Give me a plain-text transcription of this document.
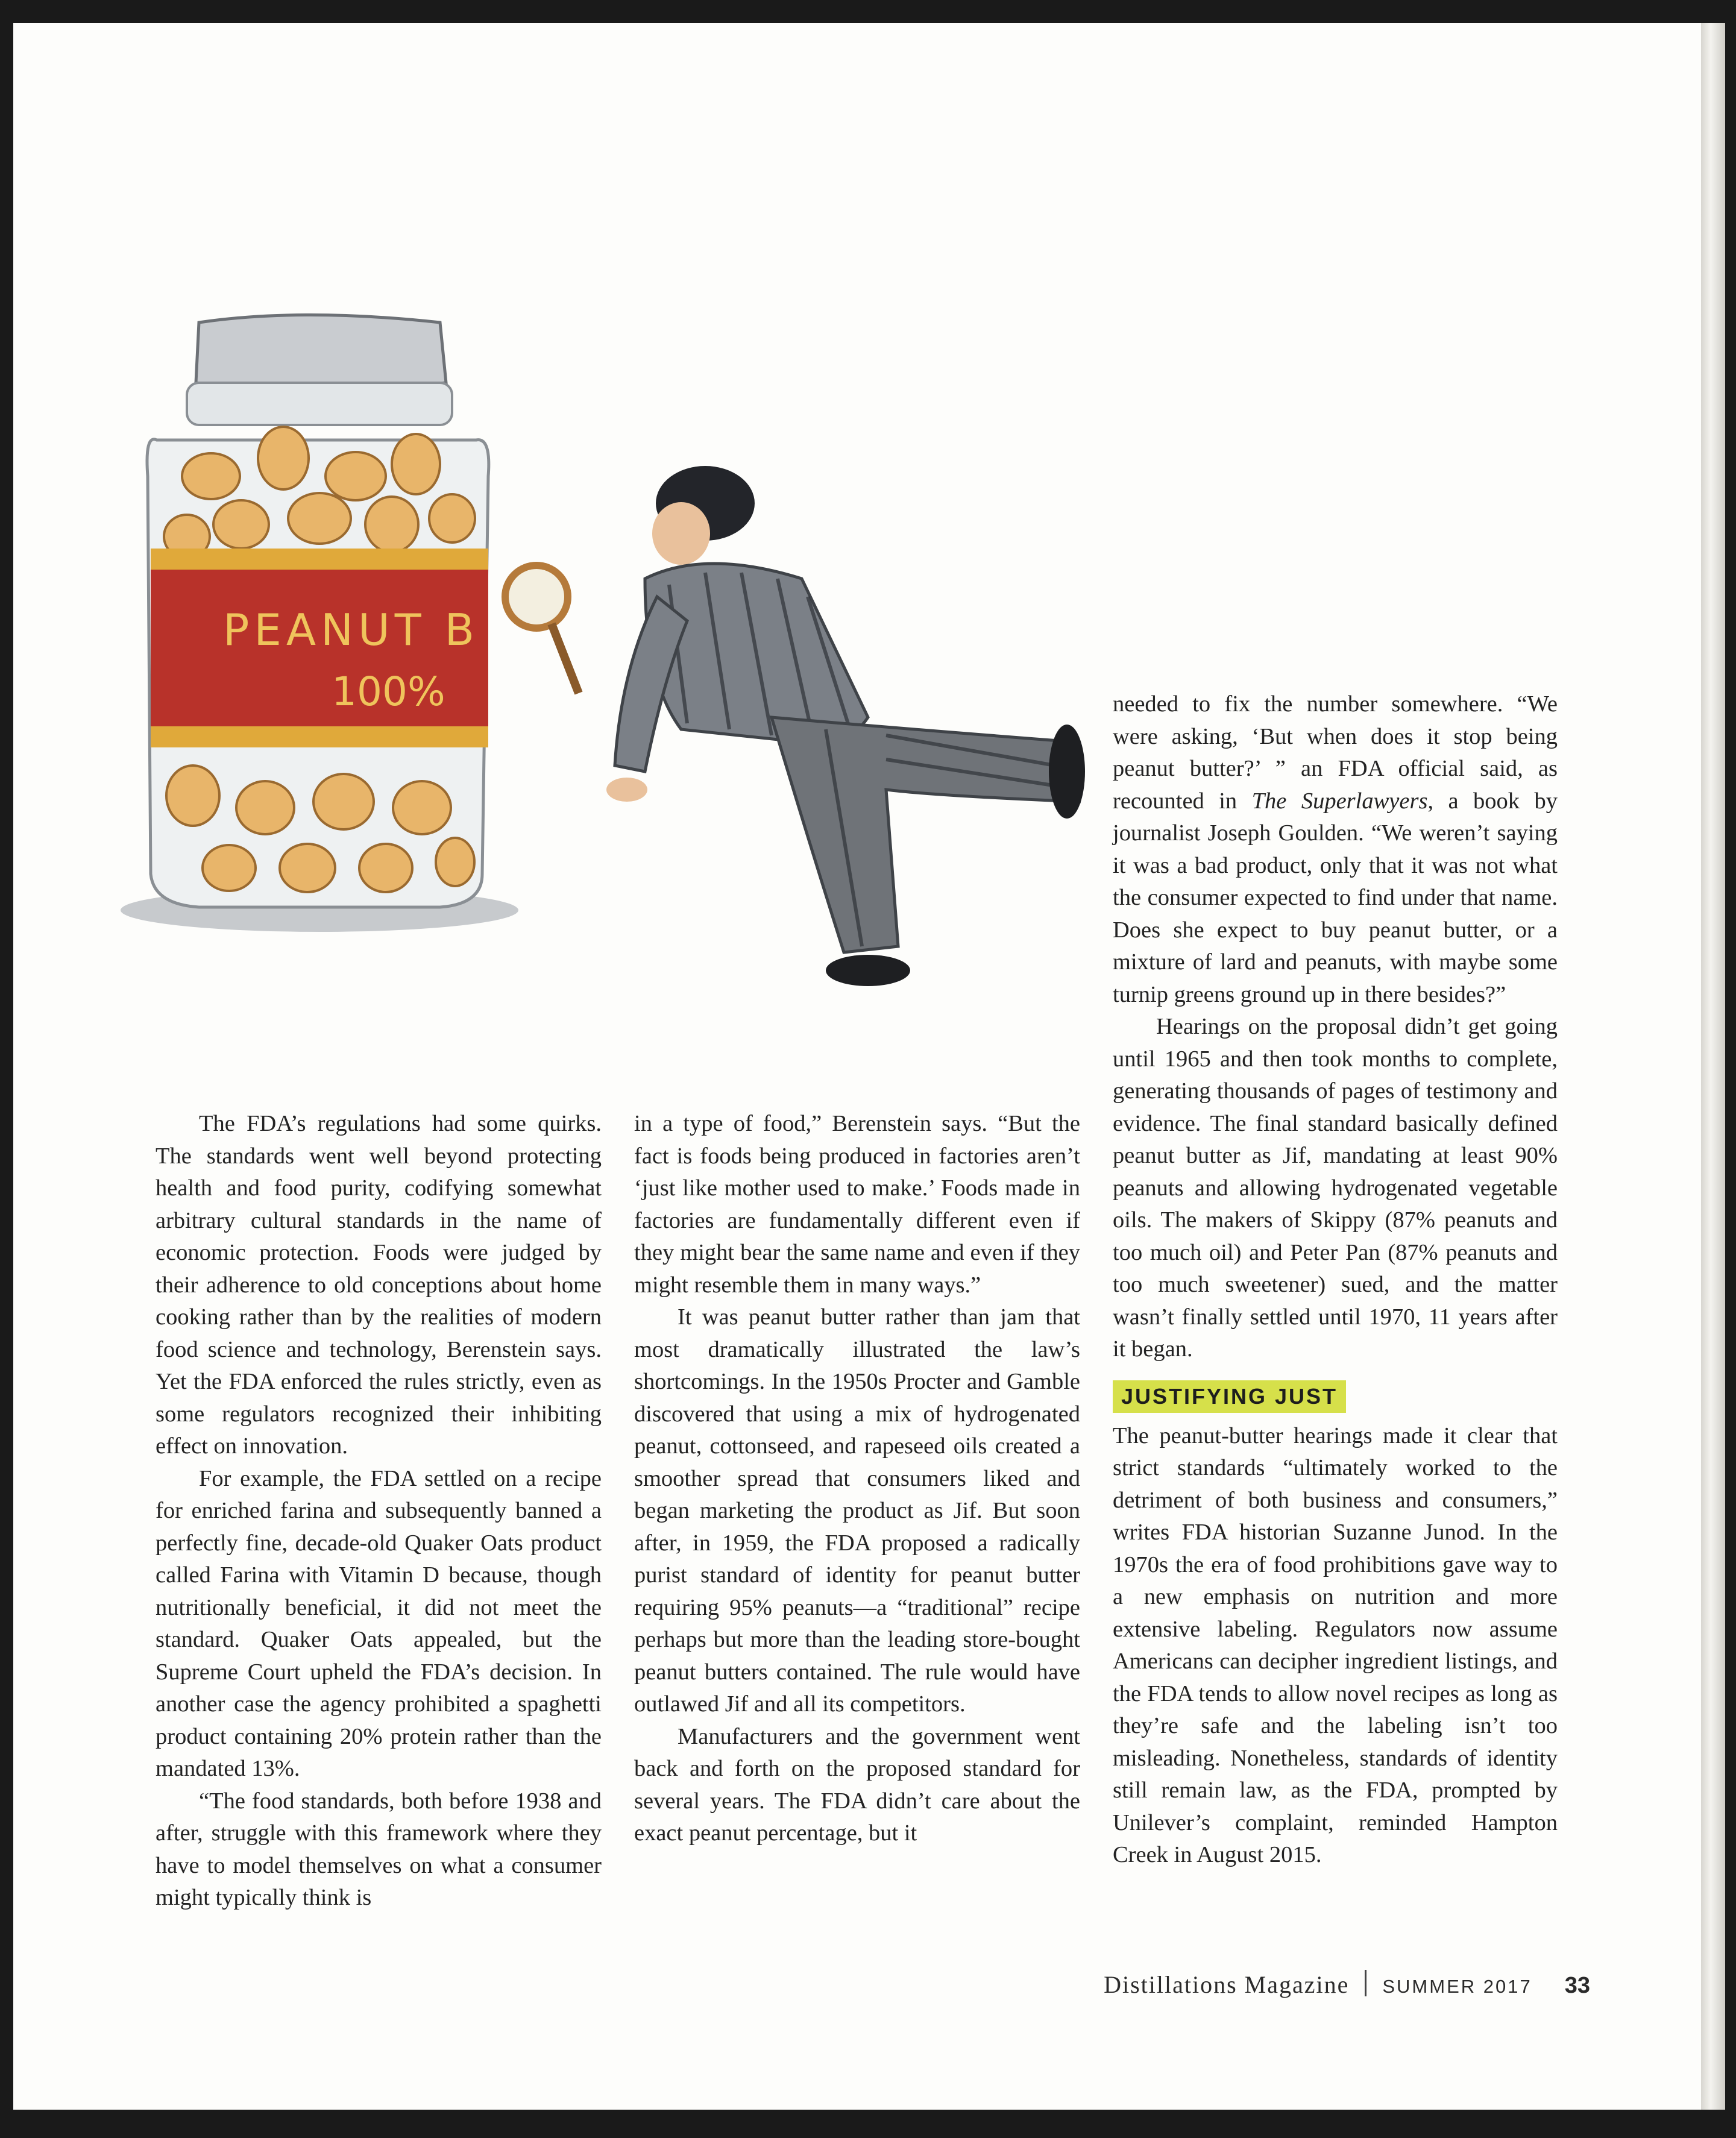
PEANUT B
100%

The FDA’s regulations had some quirks. The standards went well beyond protecting health and food purity, codifying somewhat arbitrary cultural standards in the name of economic protection. Foods were judged by their adherence to old conceptions about home cooking rather than by the realities of modern food science and technology, Berenstein says. Yet the FDA enforced the rules strictly, even as some regulators recognized their inhibiting effect on innovation.

For example, the FDA settled on a recipe for enriched farina and subsequently banned a perfectly fine, decade-old Quaker Oats product called Farina with Vitamin D because, though nutritionally beneficial, it did not meet the standard. Quaker Oats appealed, but the Supreme Court upheld the FDA’s decision. In another case the agency prohibited a spaghetti product containing 20% protein rather than the mandated 13%.

“The food standards, both before 1938 and after, struggle with this framework where they have to model themselves on what a consumer might typically think is

in a type of food,” Berenstein says. “But the fact is foods being produced in factories aren’t ‘just like mother used to make.’ Foods made in factories are fundamentally different even if they might bear the same name and even if they might resemble them in many ways.”

It was peanut butter rather than jam that most dramatically illustrated the law’s shortcomings. In the 1950s Procter and Gamble discovered that using a mix of hydrogenated peanut, cottonseed, and rapeseed oils created a smoother spread that consumers liked and began marketing the product as Jif. But soon after, in 1959, the FDA proposed a radically purist standard of identity for peanut butter requiring 95% peanuts—a “traditional” recipe perhaps but more than the leading store-bought peanut butters contained. The rule would have outlawed Jif and all its competitors.

Manufacturers and the government went back and forth on the proposed standard for several years. The FDA didn’t care about the exact peanut percentage, but it

needed to fix the number somewhere. “We were asking, ‘But when does it stop being peanut butter?’ ” an FDA official said, as recounted in The Superlawyers, a book by journalist Joseph Goulden. “We weren’t saying it was a bad product, only that it was not what the consumer expected to find under that name. Does she expect to buy peanut butter, or a mixture of lard and peanuts, with maybe some turnip greens ground up in there besides?”

Hearings on the proposal didn’t get going until 1965 and then took months to complete, generating thousands of pages of testimony and evidence. The final standard basically defined peanut butter as Jif, mandating at least 90% peanuts and allowing hydrogenated vegetable oils. The makers of Skippy (87% peanuts and too much oil) and Peter Pan (87% peanuts and too much sweetener) sued, and the matter wasn’t finally settled until 1970, 11 years after it began.

JUSTIFYING JUST

The peanut-butter hearings made it clear that strict standards “ultimately worked to the detriment of both business and consumers,” writes FDA historian Suzanne Junod. In the 1970s the era of food prohibitions gave way to a new emphasis on nutrition and more extensive labeling. Regulators now assume Americans can decipher ingredient listings, and the FDA tends to allow novel recipes as long as they’re safe and the labeling isn’t too misleading. Nonetheless, standards of identity still remain law, as the FDA, prompted by Unilever’s complaint, reminded Hampton Creek in August 2015.

Distillations Magazine SUMMER 2017 33
